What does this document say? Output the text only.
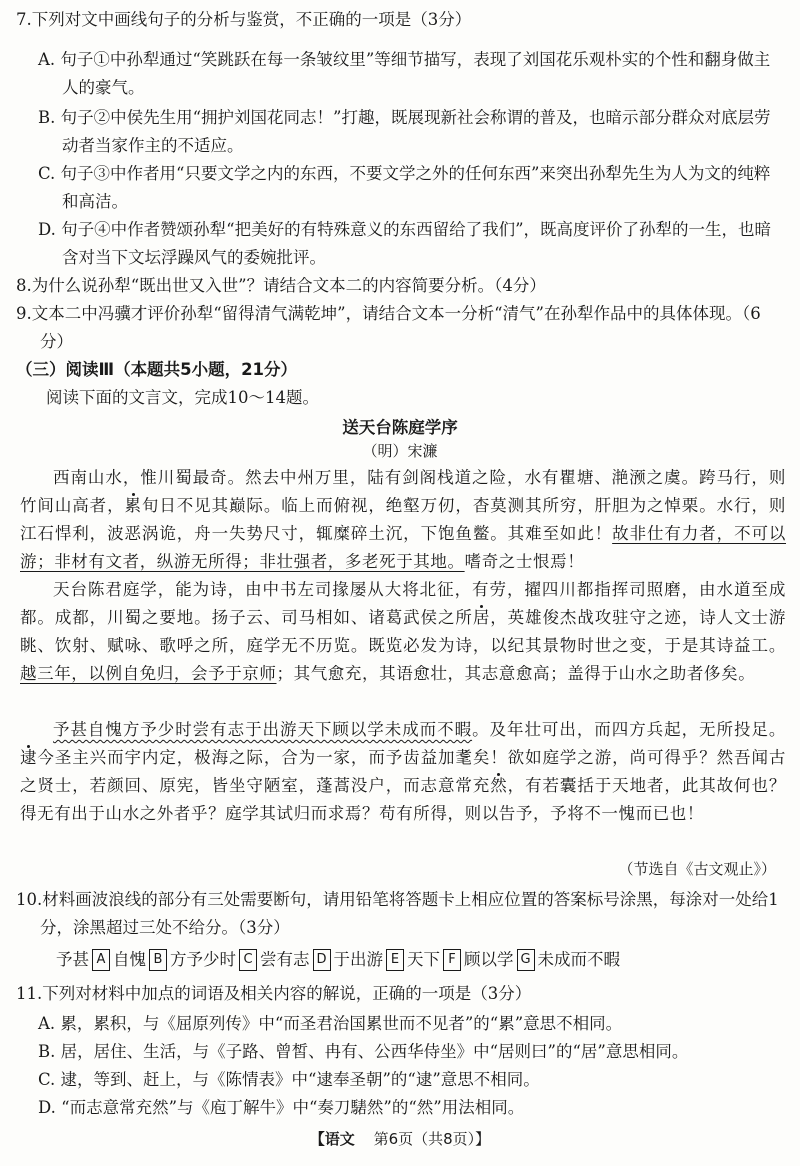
7.下列对文中画线句子的分析与鉴赏，不正确的一项是（3分）
A. 句子①中孙犁通过“笑跳跃在每一条皱纹里”等细节描写，表现了刘国花乐观朴实的个性和翻身做主人的豪气。
B. 句子②中侯先生用“拥护刘国花同志！”打趣，既展现新社会称谓的普及，也暗示部分群众对底层劳动者当家作主的不适应。
C. 句子③中作者用“只要文学之内的东西，不要文学之外的任何东西”来突出孙犁先生为人为文的纯粹和高洁。
D. 句子④中作者赞颂孙犁“把美好的有特殊意义的东西留给了我们”，既高度评价了孙犁的一生，也暗含对当下文坛浮躁风气的委婉批评。
8.为什么说孙犁“既出世又入世”？请结合文本二的内容简要分析。（4分）
9.文本二中冯骥才评价孙犁“留得清气满乾坤”，请结合文本一分析“清气”在孙犁作品中的具体体现。（6分）
（三）阅读Ⅲ（本题共5小题，21分）
阅读下面的文言文，完成10～14题。
送天台陈庭学序
（明）宋濂
西南山水，惟川蜀最奇。然去中州万里，陆有剑阁栈道之险，水有瞿塘、滟滪之虞。跨马行，则竹间山高者，累旬日不见其巅际。临上而俯视，绝壑万仞，杳莫测其所穷，肝胆为之悼栗。水行，则江石悍利，波恶涡诡，舟一失势尺寸，辄糜碎土沉，下饱鱼鳖。其难至如此！故非仕有力者，不可以游；非材有文者，纵游无所得；非壮强者，多老死于其地。嗜奇之士恨焉！
天台陈君庭学，能为诗，由中书左司掾屡从大将北征，有劳，擢四川都指挥司照磨，由水道至成都。成都，川蜀之要地。扬子云、司马相如、诸葛武侯之所居，英雄俊杰战攻驻守之迹，诗人文士游眺、饮射、赋咏、歌呼之所，庭学无不历览。既览必发为诗，以纪其景物时世之变，于是其诗益工。越三年，以例自免归，会予于京师；其气愈充，其语愈壮，其志意愈高；盖得于山水之助者侈矣。
予甚自愧方予少时尝有志于出游天下顾以学未成而不暇。及年壮可出，而四方兵起，无所投足。逮今圣主兴而宇内定，极海之际，合为一家，而予齿益加耄矣！欲如庭学之游，尚可得乎？然吾闻古之贤士，若颜回、原宪，皆坐守陋室，蓬蒿没户，而志意常充然，有若囊括于天地者，此其故何也？得无有出于山水之外者乎？庭学其试归而求焉？苟有所得，则以告予，予将不一愧而已也！
（节选自《古文观止》）
10.材料画波浪线的部分有三处需要断句，请用铅笔将答题卡上相应位置的答案标号涂黑，每涂对一处给1分，涂黑超过三处不给分。（3分）
予甚 A 自愧 B 方予少时 C 尝有志 D 于出游 E 天下 F 顾以学 G 未成而不暇
11.下列对材料中加点的词语及相关内容的解说，正确的一项是（3分）
A. 累，累积，与《屈原列传》中“而圣君治国累世而不见者”的“累”意思不相同。
B. 居，居住、生活，与《子路、曾皙、冉有、公西华侍坐》中“居则曰”的“居”意思相同。
C. 逮，等到、赶上，与《陈情表》中“逮奉圣朝”的“逮”意思不相同。
D. “而志意常充然”与《庖丁解牛》中“奏刀騞然”的“然”用法相同。
【语文 第6页（共8页）】
